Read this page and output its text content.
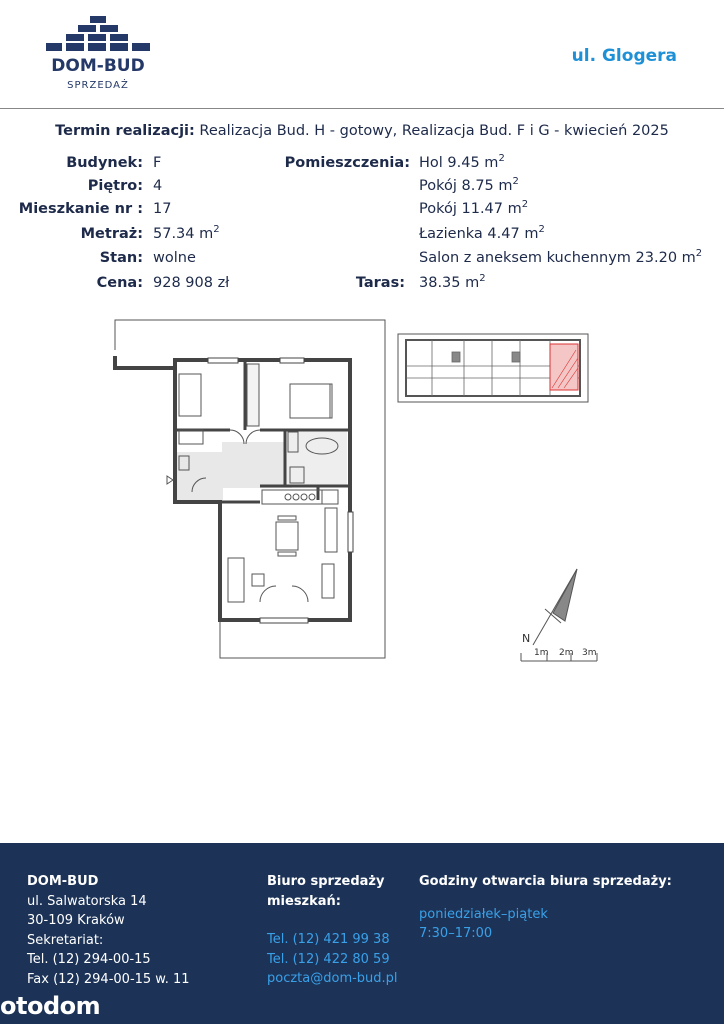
DOM-BUD
SPRZEDAŻ
ul. Glogera
Termin realizacji: Realizacja Bud. H - gotowy, Realizacja Bud. F i G - kwiecień 2025
Budynek: F
Piętro: 4
Mieszkanie nr : 17
Metraż: 57.34 $m^2$
Stan: wolne
Cena: 928 908 zł
Pomieszczenia: Hol 9.45 $m^2$
Pokój 8.75 $m^2$
Pokój 11.47 $m^2$
Łazienka 4.47 $m^2$
Salon z aneksem kuchennym 23.20 $m^2$
Taras: 38.35 $m^2$
N
1m 2m 3m
DOM-BUD
ul. Salwatorska 14
30-109 Kraków
Sekretariat:
Tel. (12) 294-00-15
Fax (12) 294-00-15 w. 11
Biuro sprzedaży
mieszkań:
Tel. (12) 421 99 38
Tel. (12) 422 80 59
poczta@dom-bud.pl
Godziny otwarcia biura sprzedaży:
poniedziałek–piątek
7:30–17:00
otodom
